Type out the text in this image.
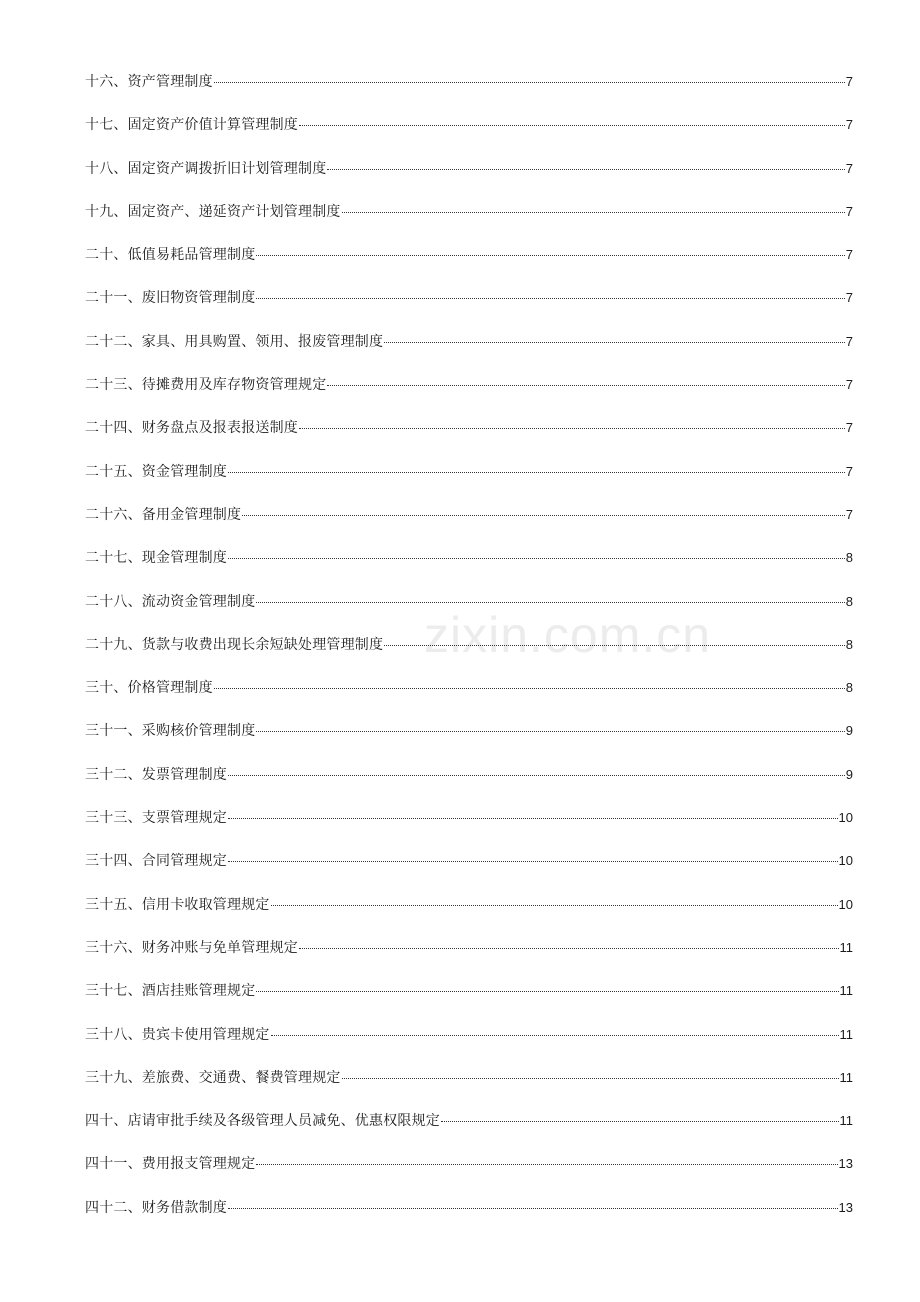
zixin.com.cn
十六、资产管理制度	7
十七、固定资产价值计算管理制度	7
十八、固定资产调拨折旧计划管理制度	7
十九、固定资产、递延资产计划管理制度	7
二十、低值易耗品管理制度	7
二十一、废旧物资管理制度	7
二十二、家具、用具购置、领用、报废管理制度	7
二十三、待摊费用及库存物资管理规定	7
二十四、财务盘点及报表报送制度	7
二十五、资金管理制度	7
二十六、备用金管理制度	7
二十七、现金管理制度	8
二十八、流动资金管理制度	8
二十九、货款与收费出现长余短缺处理管理制度	8
三十、价格管理制度	8
三十一、采购核价管理制度	9
三十二、发票管理制度	9
三十三、支票管理规定	10
三十四、合同管理规定	10
三十五、信用卡收取管理规定	10
三十六、财务冲账与免单管理规定	11
三十七、酒店挂账管理规定	11
三十八、贵宾卡使用管理规定	11
三十九、差旅费、交通费、餐费管理规定	11
四十、店请审批手续及各级管理人员减免、优惠权限规定	11
四十一、费用报支管理规定	13
四十二、财务借款制度	13
